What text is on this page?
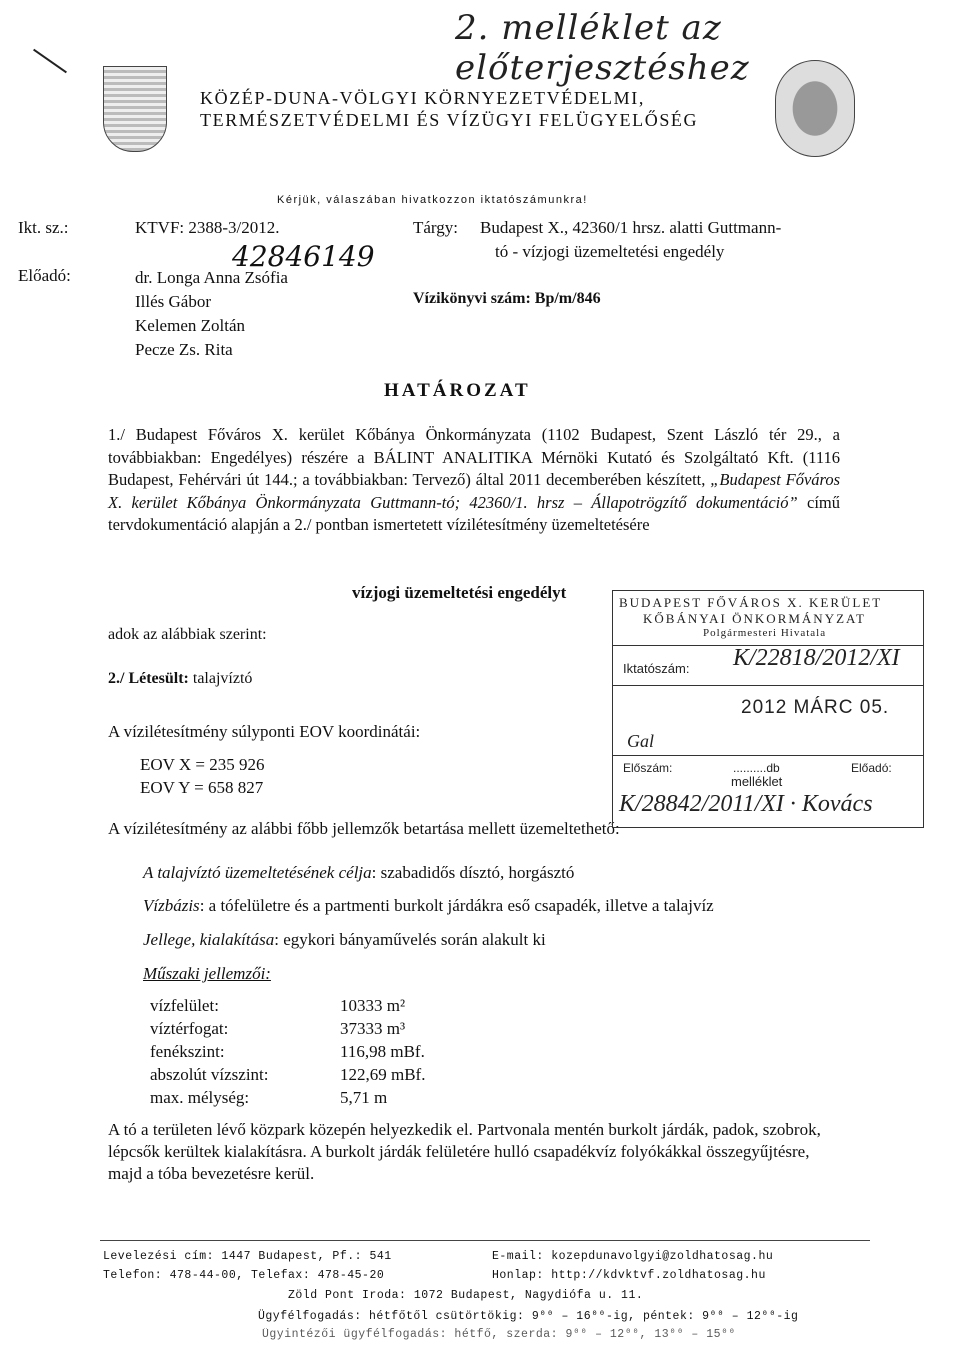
2. melléklet az előterjesztéshez
KÖZÉP-DUNA-VÖLGYI KÖRNYEZETVÉDELMI,
TERMÉSZETVÉDELMI ÉS VÍZÜGYI FELÜGYELŐSÉG
Kérjük, válaszában hivatkozzon iktatószámunkra!
Ikt. sz.:	KTVF: 2388-3/2012.
42846149
Előadó:	dr. Longa Anna Zsófia
Illés Gábor
Kelemen Zoltán
Pecze Zs. Rita
Tárgy: Budapest X., 42360/1 hrsz. alatti Guttmann-
tó - vízjogi üzemeltetési engedély
Vízikönyvi szám: Bp/m/846
HATÁROZAT
1./ Budapest Főváros X. kerület Kőbánya Önkormányzata (1102 Budapest, Szent László tér 29., a továbbiakban: Engedélyes) részére a BÁLINT ANALITIKA Mérnöki Kutató és Szolgáltató Kft. (1116 Budapest, Fehérvári út 144.; a továbbiakban: Tervező) által 2011 decemberében készített, „Budapest Főváros X. kerület Kőbánya Önkormányzata Guttmann-tó; 42360/1. hrsz – Állapotrögzítő dokumentáció” című tervdokumentáció alapján a 2./ pontban ismertetett vízilétesítmény üzemeltetésére
vízjogi üzemeltetési engedélyt
adok az alábbiak szerint:
2./ Létesült: talajvíztó
A vízilétesítmény súlyponti EOV koordinátái:
EOV X = 235 926
EOV Y = 658 827
A vízilétesítmény az alábbi főbb jellemzők betartása mellett üzemeltethető:
A talajvíztó üzemeltetésének célja: szabadidős dísztó, horgásztó
Vízbázis: a tófelületre és a partmenti burkolt járdákra eső csapadék, illetve a talajvíz
Jellege, kialakítása: egykori bányaművelés során alakult ki
Műszaki jellemzői:
vízfelület:	10333 m²
víztérfogat:	37333 m³
fenékszint:	116,98 mBf.
abszolút vízszint:	122,69 mBf.
max. mélység:	5,71 m
A tó a területen lévő közpark közepén helyezkedik el. Partvonala mentén burkolt járdák, padok, szobrok, lépcsők kerültek kialakításra. A burkolt járdák felületére hulló csapadékvíz folyókákkal összegyűjtésre, majd a tóba bevezetésre kerül.
BUDAPEST FŐVÁROS X. KERÜLET
KŐBÁNYAI ÖNKORMÁNYZAT
Polgármesteri Hivatala
Iktatószám: K/22818/2012/XI
2012 MÁRC 05.
Gal
Előszám:	..........db	Előadó:
melléklet
K/28842/2011/XI · Kovács
Levelezési cím: 1447 Budapest, Pf.: 541	E-mail: kozepdunavolgyi@zoldhatosag.hu
Telefon: 478-44-00, Telefax: 478-45-20	Honlap: http://kdvktvf.zoldhatosag.hu
Zöld Pont Iroda: 1072 Budapest, Nagydiófa u. 11.
Ügyfélfogadás: hétfőtől csütörtökig: 9⁰⁰ – 16⁰⁰-ig, péntek: 9⁰⁰ – 12⁰⁰-ig
Ügyintézői ügyfélfogadás: hétfő, szerda: 9⁰⁰ – 12⁰⁰, 13⁰⁰ – 15⁰⁰
